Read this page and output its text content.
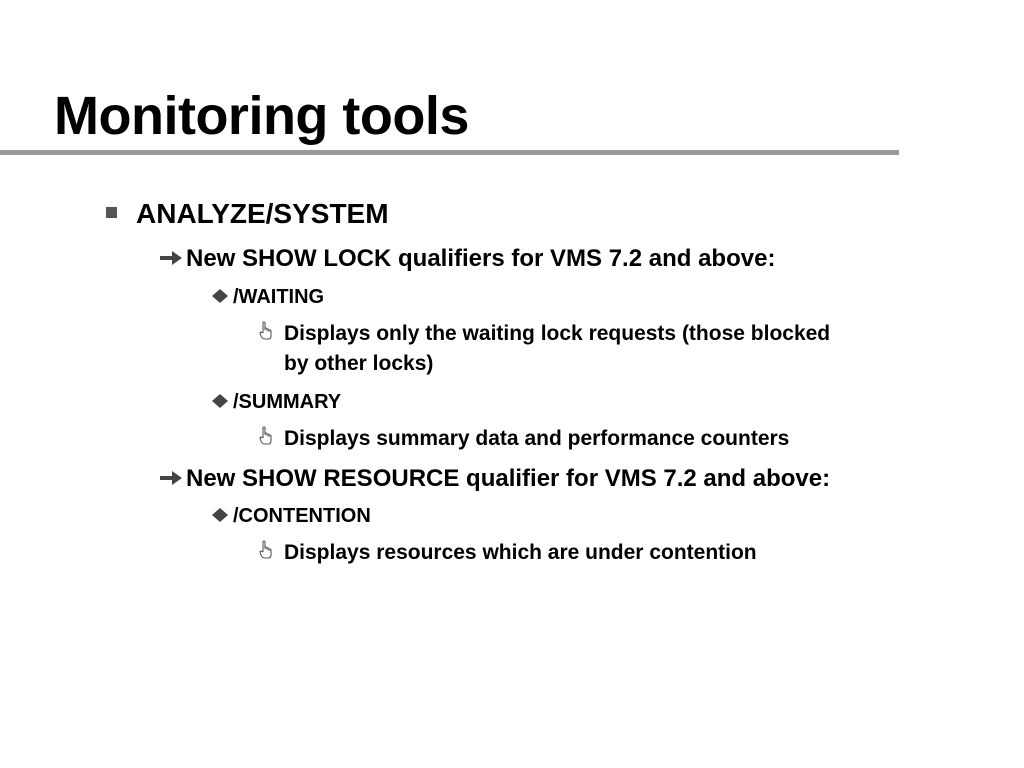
Monitoring tools
ANALYZE/SYSTEM
New SHOW LOCK qualifiers for VMS 7.2 and above:
/WAITING
Displays only the waiting lock requests (those blocked
by other locks)
/SUMMARY
Displays summary data and performance counters
New SHOW RESOURCE qualifier for VMS 7.2 and above:
/CONTENTION
Displays resources which are under contention
